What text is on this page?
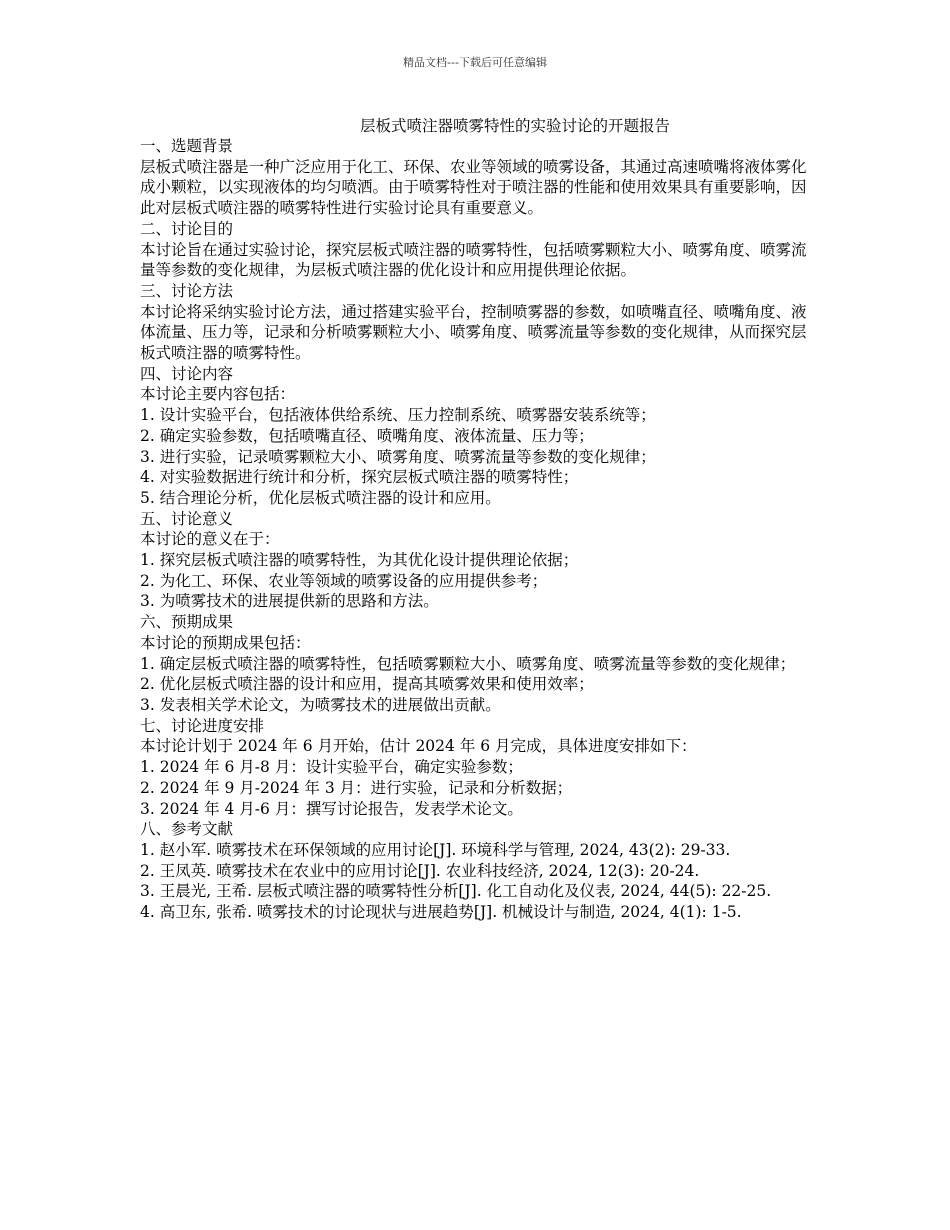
精品文档---下载后可任意编辑
层板式喷注器喷雾特性的实验讨论的开题报告

一、选题背景

层板式喷注器是一种广泛应用于化工、环保、农业等领域的喷雾设备，其通过高速喷嘴将液体雾化成小颗粒，以实现液体的均匀喷洒。由于喷雾特性对于喷注器的性能和使用效果具有重要影响，因此对层板式喷注器的喷雾特性进行实验讨论具有重要意义。

二、讨论目的

本讨论旨在通过实验讨论，探究层板式喷注器的喷雾特性，包括喷雾颗粒大小、喷雾角度、喷雾流量等参数的变化规律，为层板式喷注器的优化设计和应用提供理论依据。

三、讨论方法

本讨论将采纳实验讨论方法，通过搭建实验平台，控制喷雾器的参数，如喷嘴直径、喷嘴角度、液体流量、压力等，记录和分析喷雾颗粒大小、喷雾角度、喷雾流量等参数的变化规律，从而探究层板式喷注器的喷雾特性。

四、讨论内容

本讨论主要内容包括：

1. 设计实验平台，包括液体供给系统、压力控制系统、喷雾器安装系统等；

2. 确定实验参数，包括喷嘴直径、喷嘴角度、液体流量、压力等；

3. 进行实验，记录喷雾颗粒大小、喷雾角度、喷雾流量等参数的变化规律；

4. 对实验数据进行统计和分析，探究层板式喷注器的喷雾特性；

5. 结合理论分析，优化层板式喷注器的设计和应用。

五、讨论意义

本讨论的意义在于：

1. 探究层板式喷注器的喷雾特性，为其优化设计提供理论依据；

2. 为化工、环保、农业等领域的喷雾设备的应用提供参考；

3. 为喷雾技术的进展提供新的思路和方法。

六、预期成果

本讨论的预期成果包括：

1. 确定层板式喷注器的喷雾特性，包括喷雾颗粒大小、喷雾角度、喷雾流量等参数的变化规律；

2. 优化层板式喷注器的设计和应用，提高其喷雾效果和使用效率；

3. 发表相关学术论文，为喷雾技术的进展做出贡献。

七、讨论进度安排

本讨论计划于 2024 年 6 月开始，估计 2024 年 6 月完成，具体进度安排如下：

1. 2024 年 6 月-8 月：设计实验平台，确定实验参数；

2. 2024 年 9 月-2024 年 3 月：进行实验，记录和分析数据；

3. 2024 年 4 月-6 月：撰写讨论报告，发表学术论文。

八、参考文献

1. 赵小军. 喷雾技术在环保领域的应用讨论[J]. 环境科学与管理, 2024, 43(2): 29-33.

2. 王凤英. 喷雾技术在农业中的应用讨论[J]. 农业科技经济, 2024, 12(3): 20-24.

3. 王晨光, 王希. 层板式喷注器的喷雾特性分析[J]. 化工自动化及仪表, 2024, 44(5): 22-25.

4. 高卫东, 张希. 喷雾技术的讨论现状与进展趋势[J]. 机械设计与制造, 2024, 4(1): 1-5.
